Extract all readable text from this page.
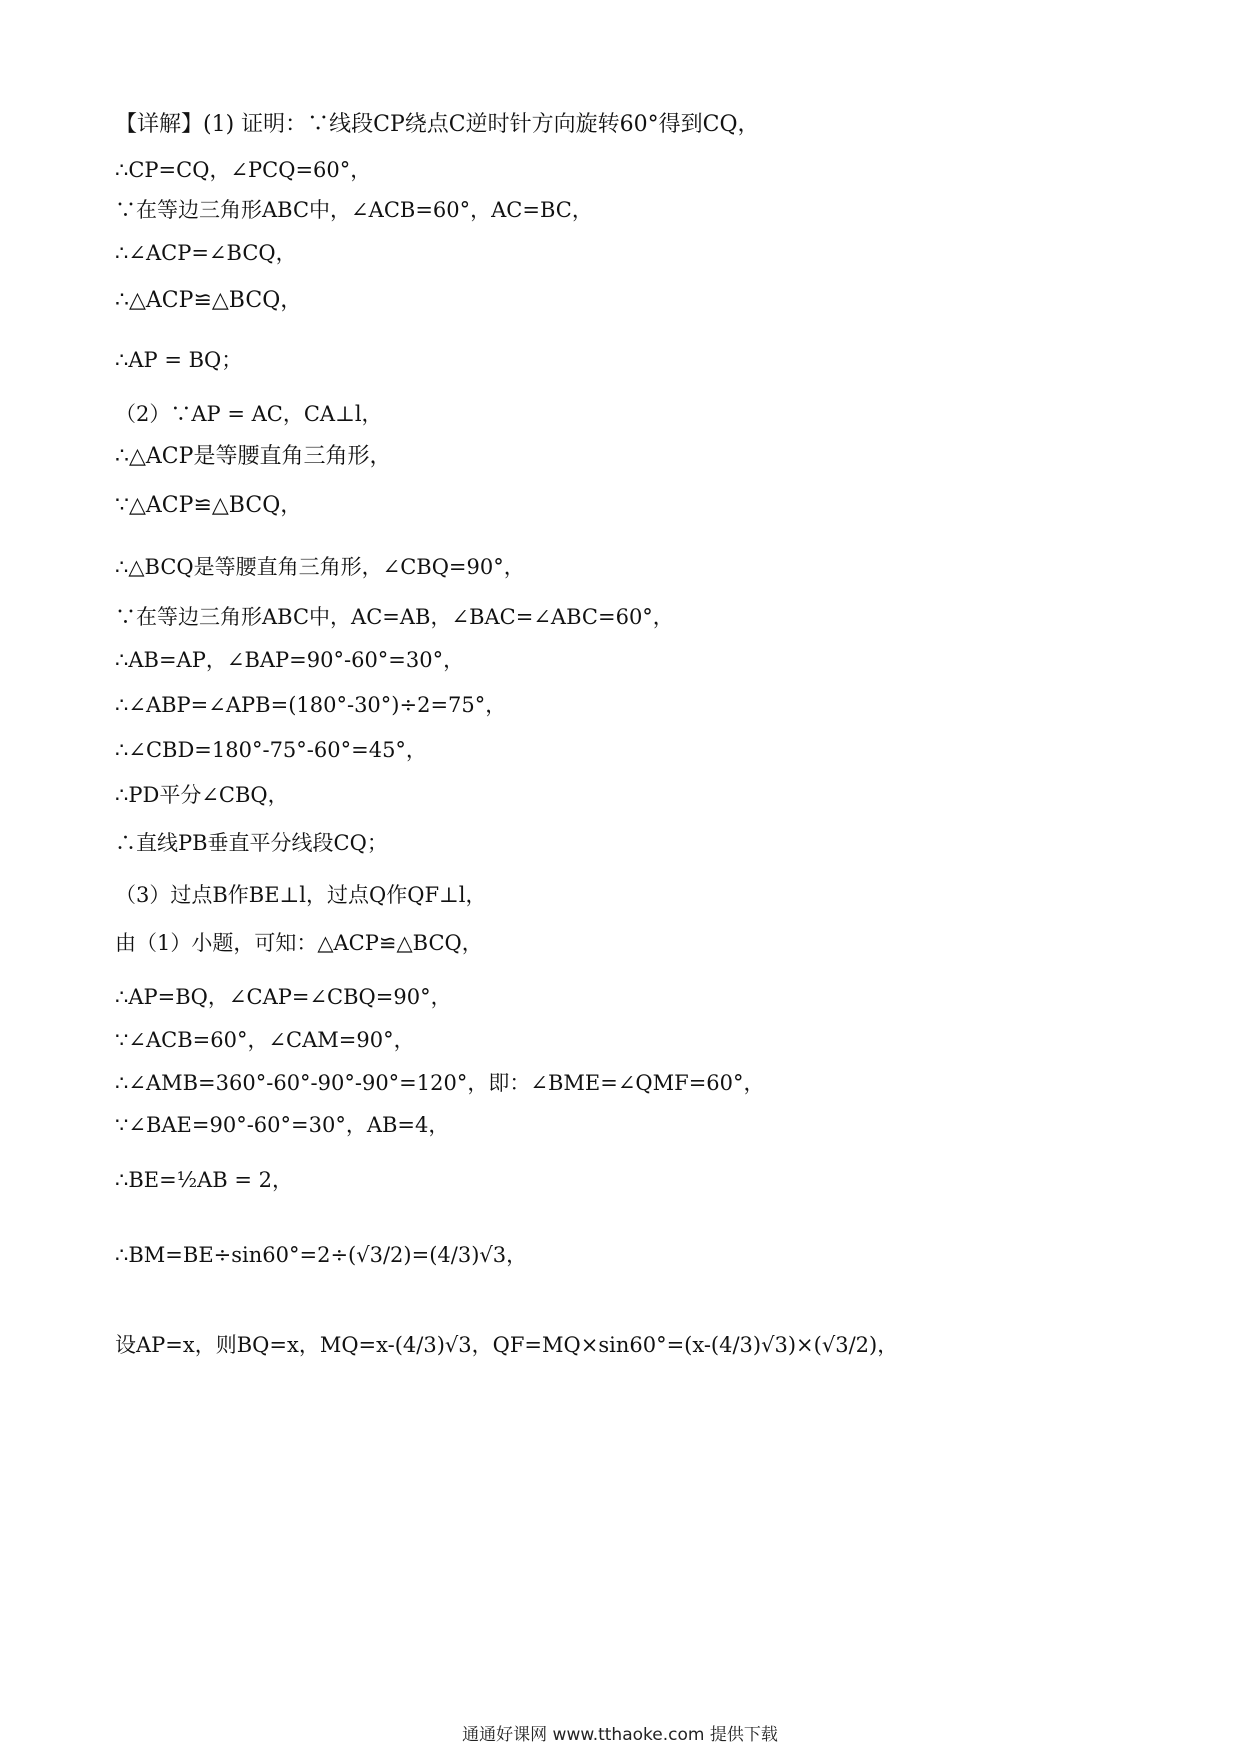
【详解】(1) 证明：∵线段CP绕点C逆时针方向旋转60°得到CQ，
∴CP=CQ，∠PCQ=60°，
∵在等边三角形ABC中，∠ACB=60°，AC=BC，
∴∠ACP=∠BCQ，
∴△ACP≌△BCQ，
∴AP = BQ；
（2）∵AP = AC，CA⊥l，
∴△ACP是等腰直角三角形，
∵△ACP≌△BCQ，
∴△BCQ是等腰直角三角形，∠CBQ=90°，
∵在等边三角形ABC中，AC=AB，∠BAC=∠ABC=60°，
∴AB=AP，∠BAP=90°-60°=30°，
∴∠ABP=∠APB=(180°-30°)÷2=75°，
∴∠CBD=180°-75°-60°=45°，
∴PD平分∠CBQ，
∴直线PB垂直平分线段CQ；
（3）过点B作BE⊥l，过点Q作QF⊥l，
由（1）小题，可知：△ACP≌△BCQ，
∴AP=BQ，∠CAP=∠CBQ=90°，
∵∠ACB=60°，∠CAM=90°，
∴∠AMB=360°-60°-90°-90°=120°，即：∠BME=∠QMF=60°，
∵∠BAE=90°-60°=30°，AB=4，
∴BE=½AB = 2，
∴BM=BE÷sin60°=2÷(√3/2)=(4/3)√3，
设AP=x，则BQ=x，MQ=x-(4/3)√3，QF=MQ×sin60°=(x-(4/3)√3)×(√3/2)，
通通好课网 www.tthaoke.com 提供下载
